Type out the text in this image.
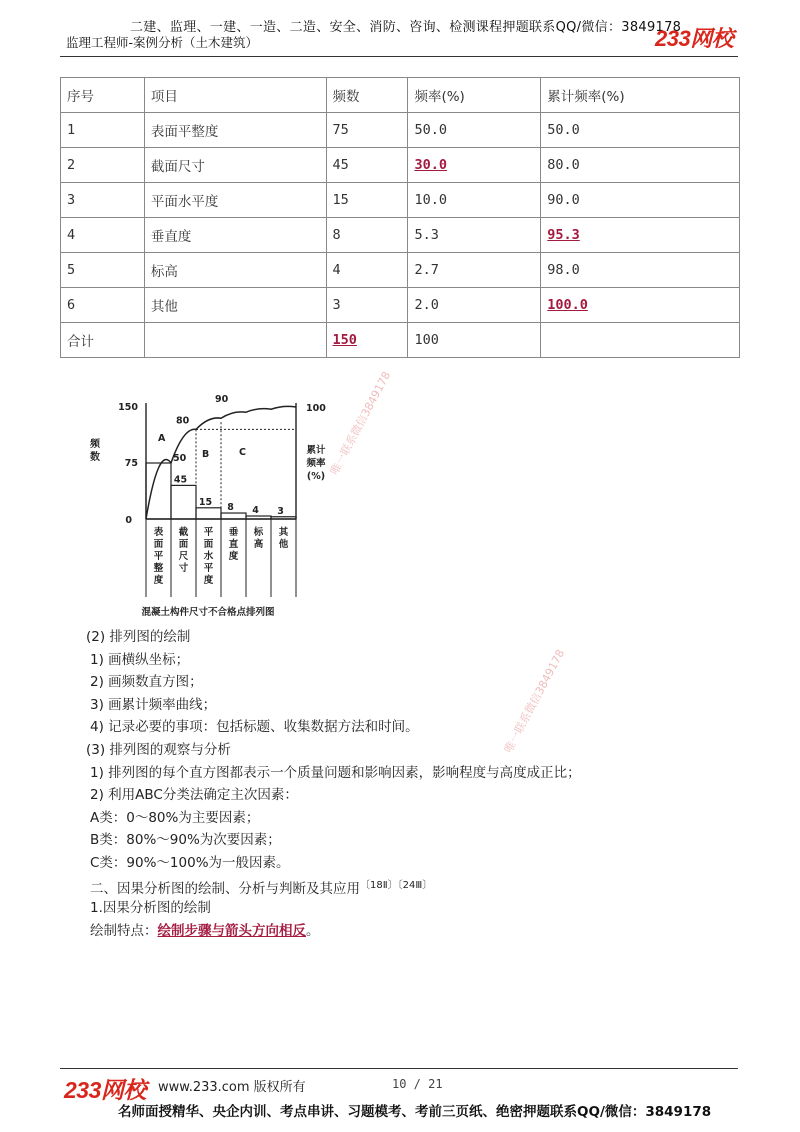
二建、监理、一建、一造、二造、安全、消防、咨询、检测课程押题联系QQ/微信：3849178
监理工程师-案例分析（土木建筑）	233网校
序号	项目	频数	频率(%)	累计频率(%)
1	表面平整度	75	50.0	50.0
2	截面尺寸	45	30.0	80.0
3	平面水平度	15	10.0	90.0
4	垂直度	8	5.3	95.3
5	标高	4	2.7	98.0
6	其他	3	2.0	100.0
合计		150	100	
45
15 8 4 3
50
80
90
A
B	C
150
75
0
频
数
100
累计
频率
(%)
表面平整度
截面尺寸
平面水平度
垂直度
标高
其他
混凝土构件尺寸不合格点排列图
(2) 排列图的绘制
1) 画横纵坐标；
2) 画频数直方图；
3) 画累计频率曲线；
4) 记录必要的事项：包括标题、收集数据方法和时间。
(3) 排列图的观察与分析
1) 排列图的每个直方图都表示一个质量问题和影响因素，影响程度与高度成正比；
2) 利用ABC分类法确定主次因素：
A类：0～80%为主要因素；
B类：80%～90%为次要因素；
C类：90%～100%为一般因素。
二、因果分析图的绘制、分析与判断及其应用$^{〔18Ⅱ〕〔24Ⅲ〕}$
1.因果分析图的绘制
绘制特点：绘制步骤与箭头方向相反。
唯一联系微信3849178
唯一联系微信3849178
233网校 www.233.com 版权所有	10 / 21
名师面授精华、央企内训、考点串讲、习题模考、考前三页纸、绝密押题联系QQ/微信：3849178
